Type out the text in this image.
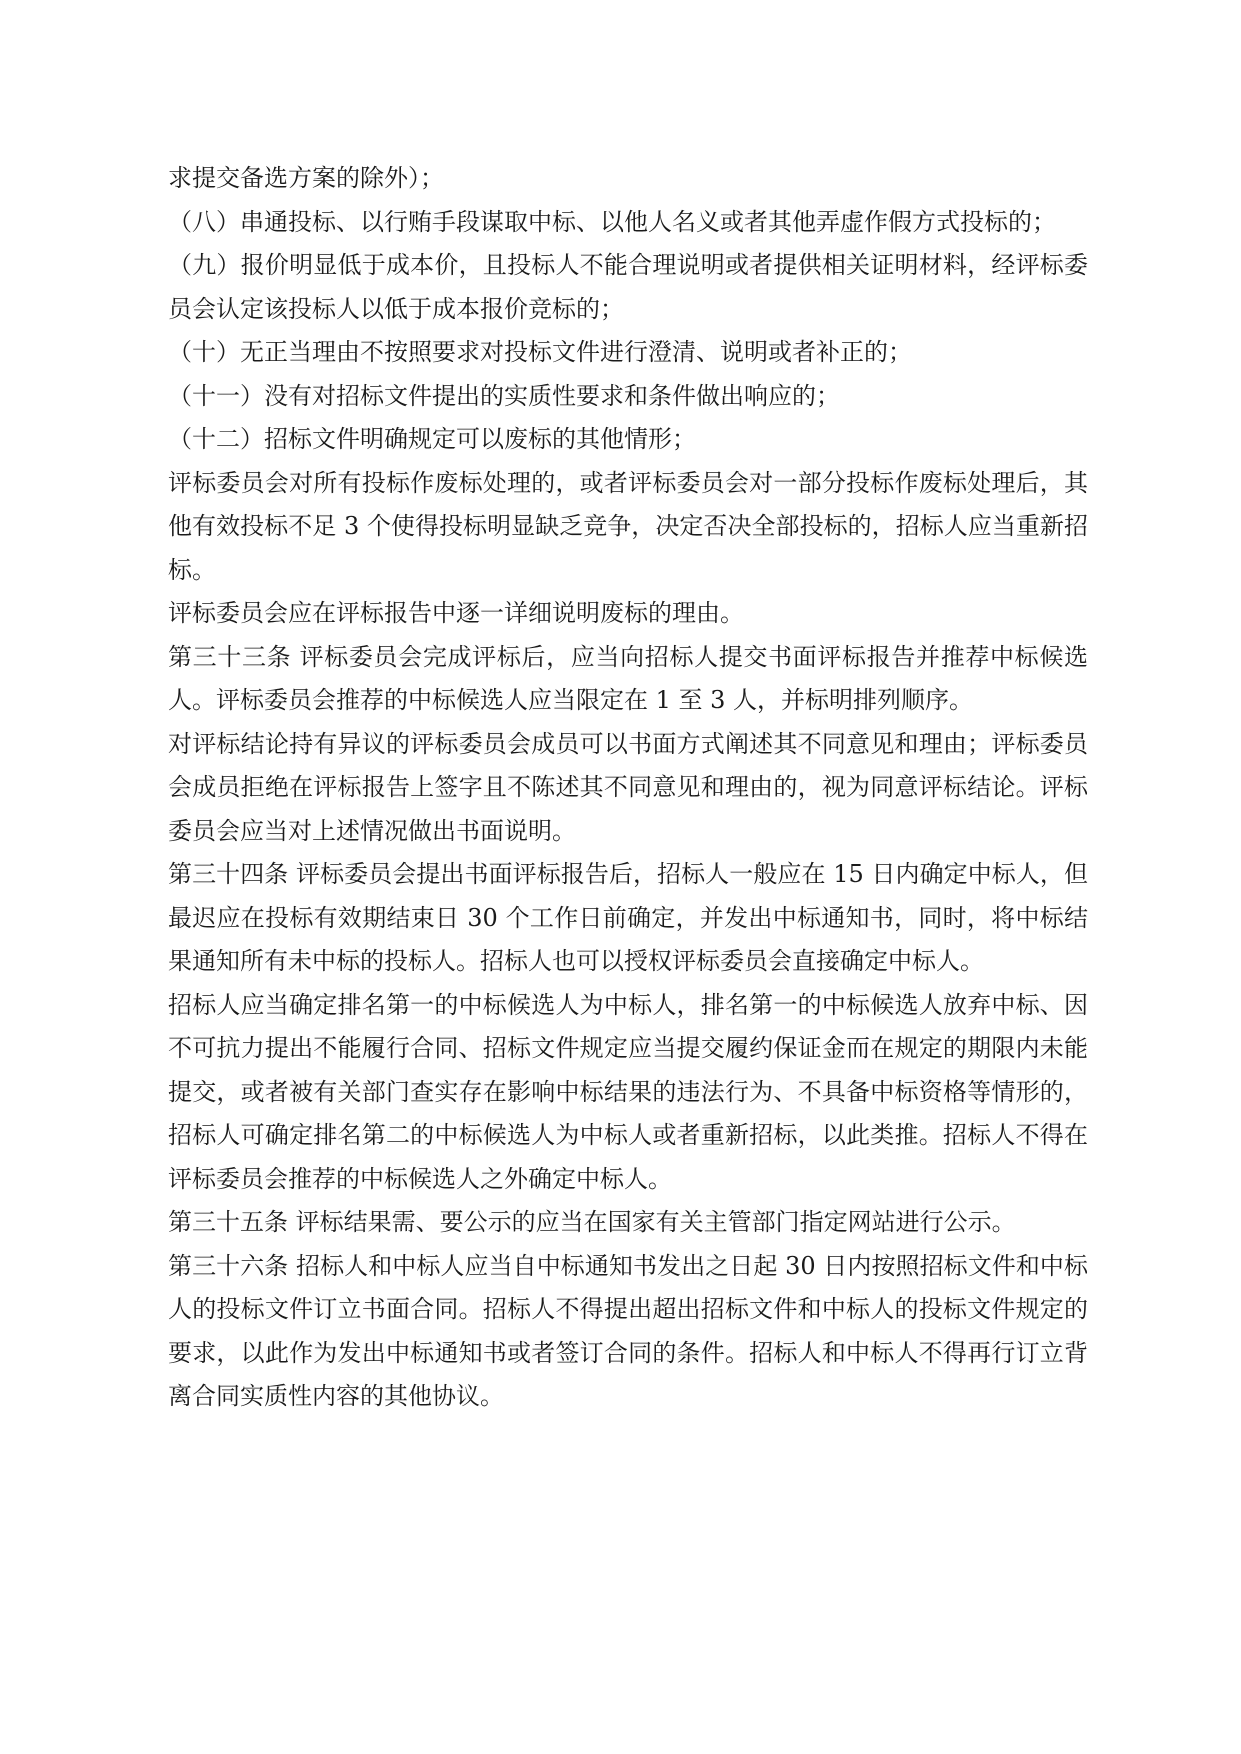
求提交备选方案的除外）；

（八）串通投标、以行贿手段谋取中标、以他人名义或者其他弄虚作假方式投标的；

（九）报价明显低于成本价，且投标人不能合理说明或者提供相关证明材料，经评标委员会认定该投标人以低于成本报价竞标的；

（十）无正当理由不按照要求对投标文件进行澄清、说明或者补正的；

（十一）没有对招标文件提出的实质性要求和条件做出响应的；

（十二）招标文件明确规定可以废标的其他情形；

评标委员会对所有投标作废标处理的，或者评标委员会对一部分投标作废标处理后，其他有效投标不足 3 个使得投标明显缺乏竞争，决定否决全部投标的，招标人应当重新招标。

评标委员会应在评标报告中逐一详细说明废标的理由。

第三十三条 评标委员会完成评标后，应当向招标人提交书面评标报告并推荐中标候选人。评标委员会推荐的中标候选人应当限定在 1 至 3 人，并标明排列顺序。

对评标结论持有异议的评标委员会成员可以书面方式阐述其不同意见和理由；评标委员会成员拒绝在评标报告上签字且不陈述其不同意见和理由的，视为同意评标结论。评标委员会应当对上述情况做出书面说明。

第三十四条 评标委员会提出书面评标报告后，招标人一般应在 15 日内确定中标人，但最迟应在投标有效期结束日 30 个工作日前确定，并发出中标通知书，同时，将中标结果通知所有未中标的投标人。招标人也可以授权评标委员会直接确定中标人。

招标人应当确定排名第一的中标候选人为中标人，排名第一的中标候选人放弃中标、因不可抗力提出不能履行合同、招标文件规定应当提交履约保证金而在规定的期限内未能提交，或者被有关部门查实存在影响中标结果的违法行为、不具备中标资格等情形的，招标人可确定排名第二的中标候选人为中标人或者重新招标，以此类推。招标人不得在评标委员会推荐的中标候选人之外确定中标人。

第三十五条 评标结果需、要公示的应当在国家有关主管部门指定网站进行公示。

第三十六条 招标人和中标人应当自中标通知书发出之日起 30 日内按照招标文件和中标人的投标文件订立书面合同。招标人不得提出超出招标文件和中标人的投标文件规定的要求，以此作为发出中标通知书或者签订合同的条件。招标人和中标人不得再行订立背离合同实质性内容的其他协议。
